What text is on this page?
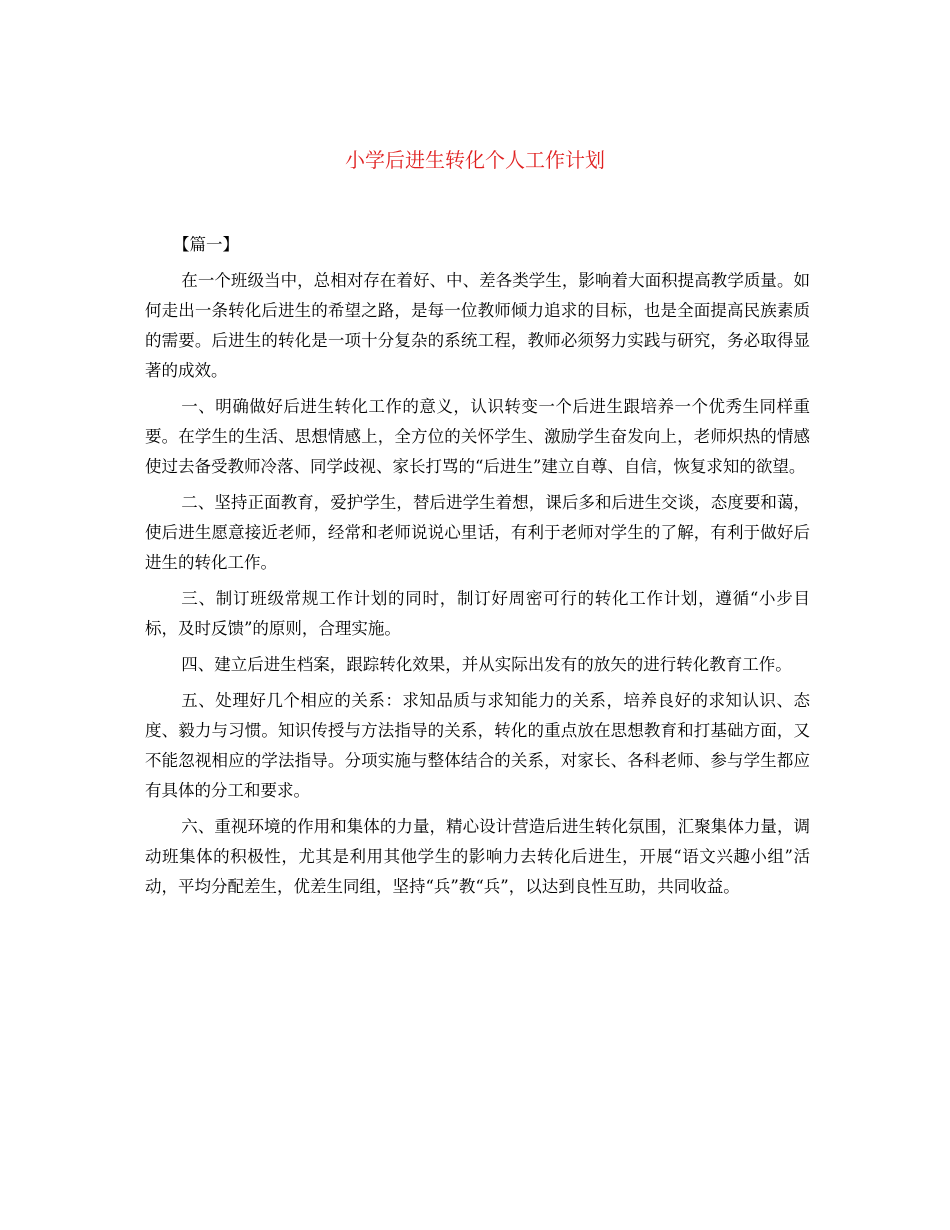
小学后进生转化个人工作计划

【篇一】

在一个班级当中，总相对存在着好、中、差各类学生，影响着大面积提高教学质量。如何走出一条转化后进生的希望之路，是每一位教师倾力追求的目标，也是全面提高民族素质的需要。后进生的转化是一项十分复杂的系统工程，教师必须努力实践与研究，务必取得显著的成效。

一、明确做好后进生转化工作的意义，认识转变一个后进生跟培养一个优秀生同样重要。在学生的生活、思想情感上，全方位的关怀学生、激励学生奋发向上，老师炽热的情感使过去备受教师冷落、同学歧视、家长打骂的“后进生”建立自尊、自信，恢复求知的欲望。

二、坚持正面教育，爱护学生，替后进学生着想，课后多和后进生交谈，态度要和蔼，使后进生愿意接近老师，经常和老师说说心里话，有利于老师对学生的了解，有利于做好后进生的转化工作。

三、制订班级常规工作计划的同时，制订好周密可行的转化工作计划，遵循“小步目标，及时反馈”的原则，合理实施。

四、建立后进生档案，跟踪转化效果，并从实际出发有的放矢的进行转化教育工作。

五、处理好几个相应的关系：求知品质与求知能力的关系，培养良好的求知认识、态度、毅力与习惯。知识传授与方法指导的关系，转化的重点放在思想教育和打基础方面，又不能忽视相应的学法指导。分项实施与整体结合的关系，对家长、各科老师、参与学生都应有具体的分工和要求。

六、重视环境的作用和集体的力量，精心设计营造后进生转化氛围，汇聚集体力量，调动班集体的积极性，尤其是利用其他学生的影响力去转化后进生，开展“语文兴趣小组”活动，平均分配差生，优差生同组，坚持“兵”教“兵”，以达到良性互助，共同收益。
